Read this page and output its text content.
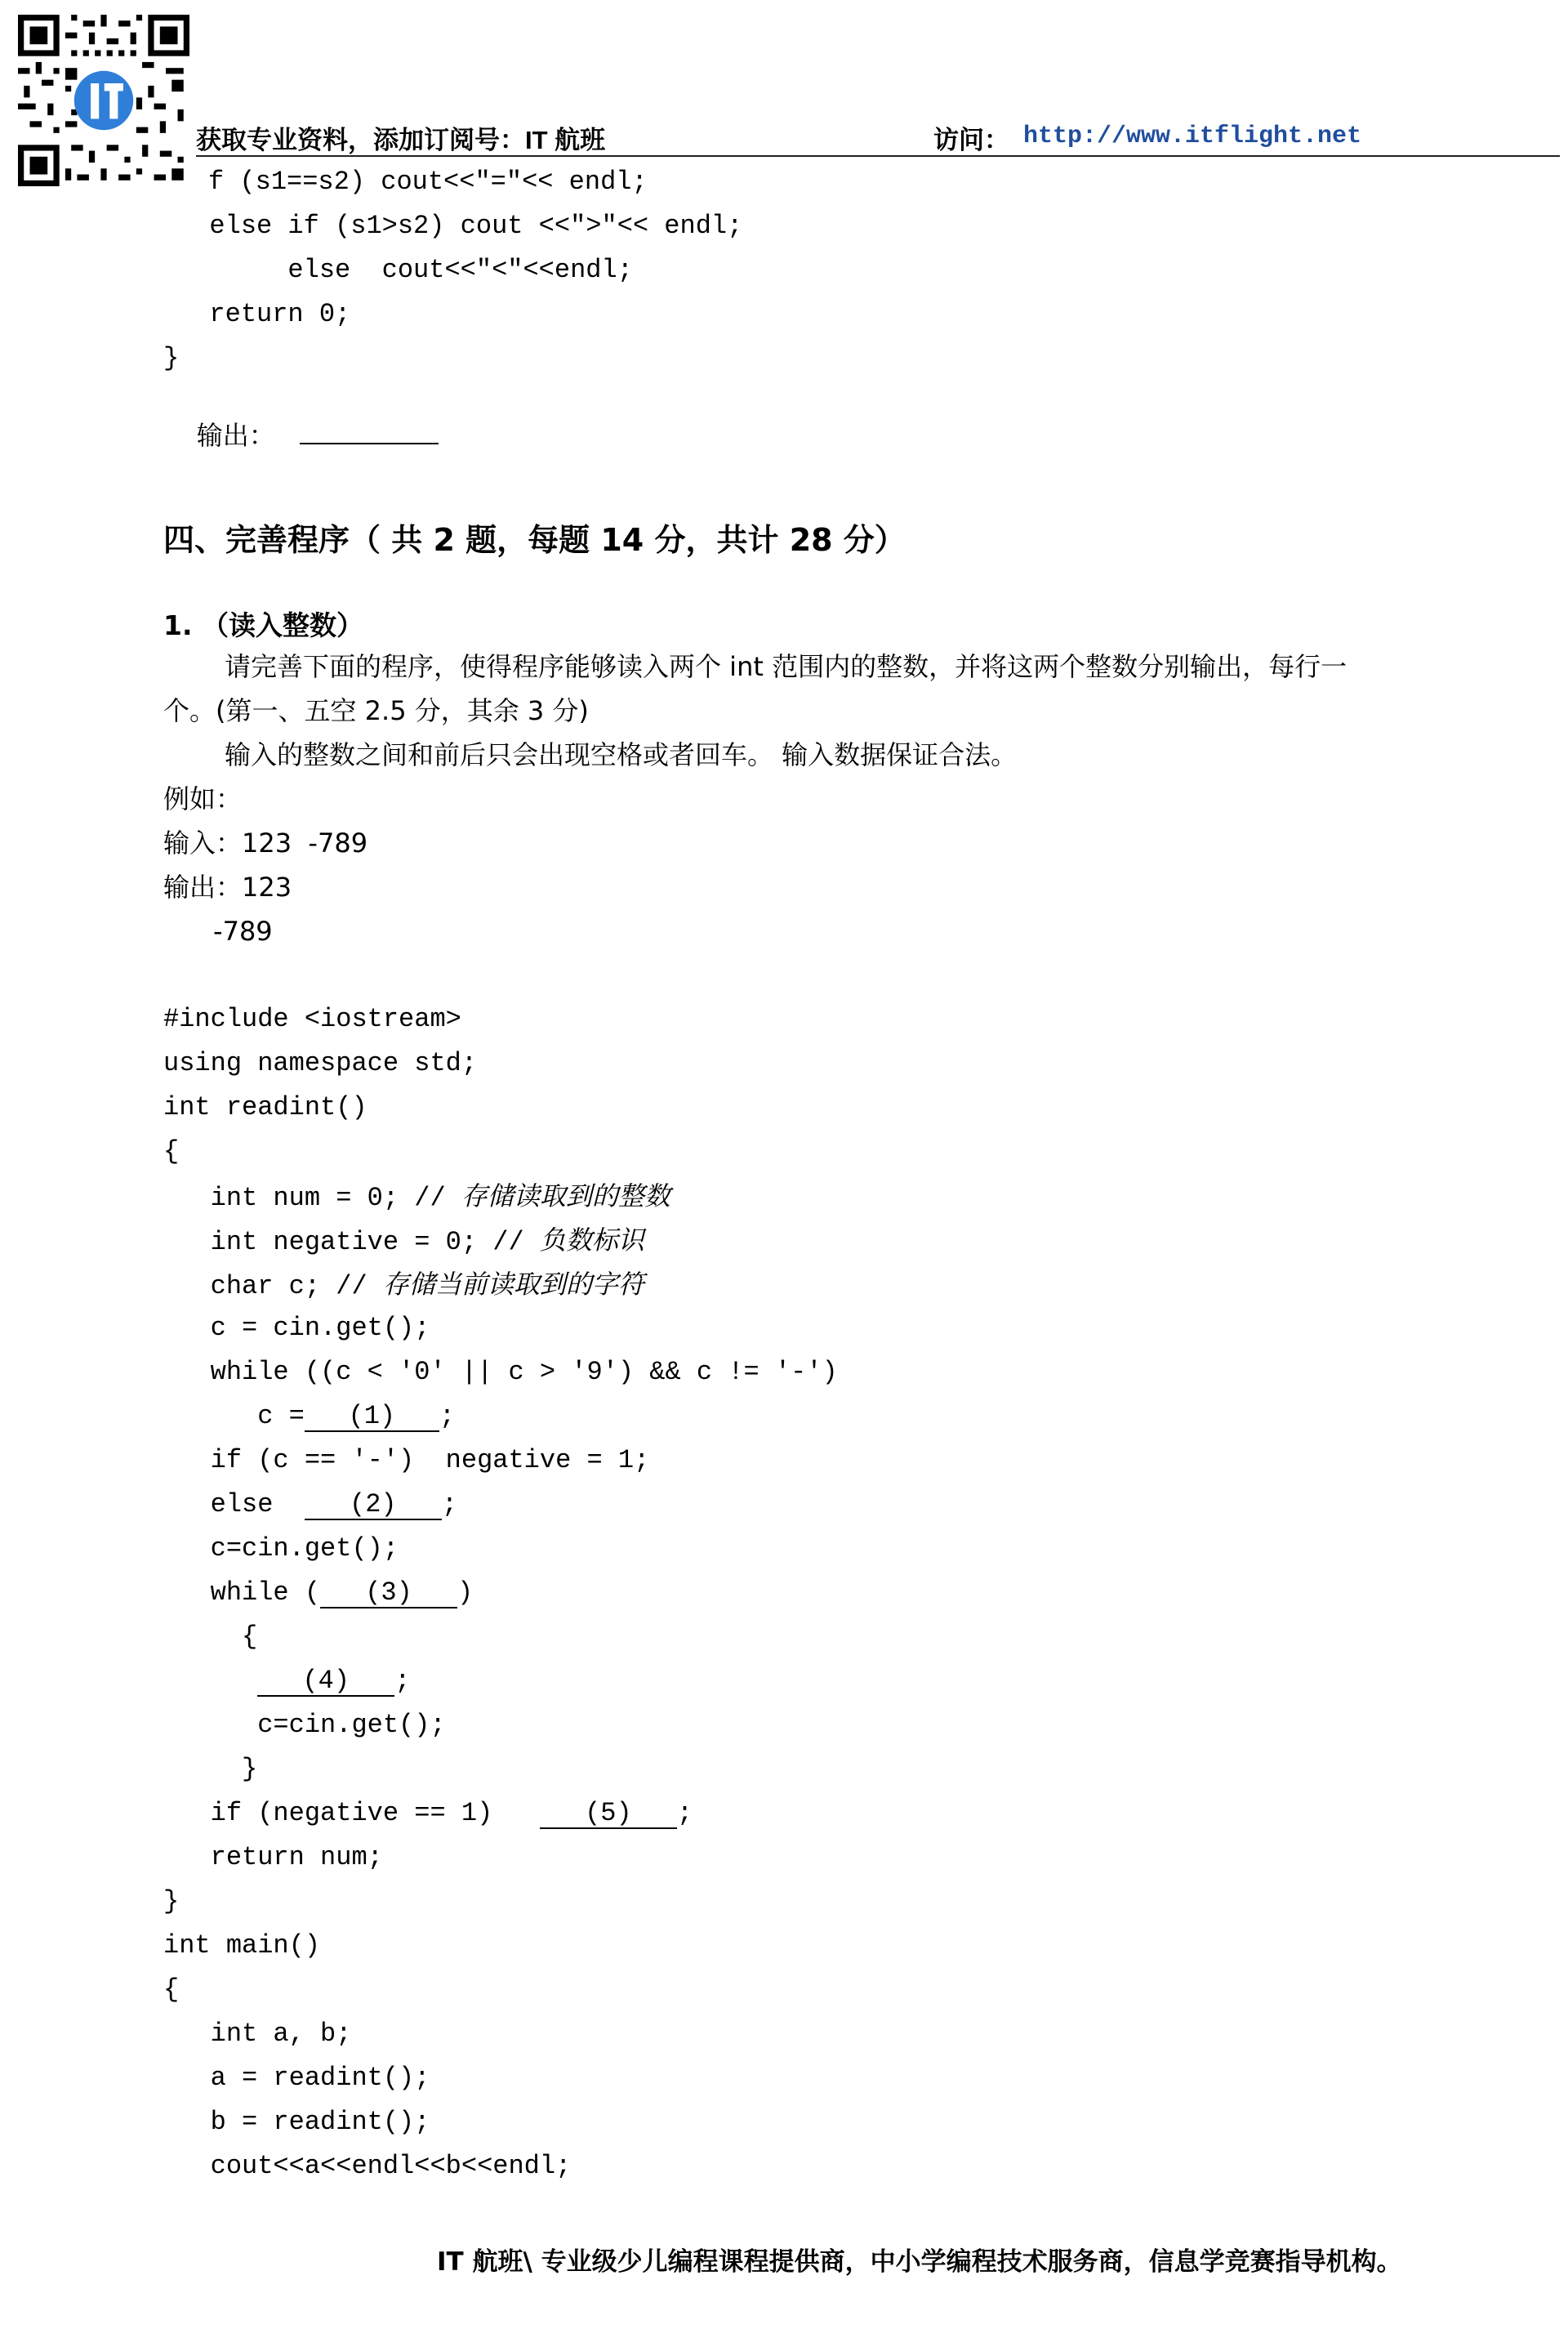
获取专业资料，添加订阅号：IT 航班	访问： http://www.itflight.net
f (s1==s2) cout<<"="<< endl;
else if (s1>s2) cout <<">"<< endl;
else  cout<<"<"<<endl;
return 0;
}

输出：

四、完善程序（ 共 2 题，每题 14 分，共计 28 分）
1. （读入整数）
请完善下面的程序，使得程序能够读入两个 int 范围内的整数，并将这两个整数分别输出，每行一
个。(第一、五空 2.5 分，其余 3 分)
输入的整数之间和前后只会出现空格或者回车。 输入数据保证合法。
例如：
输入：123  -789
输出：123
-789
#include <iostream>
using namespace std;
int readint()
{
int num = 0; // 存储读取到的整数
int negative = 0; // 负数标识
char c; // 存储当前读取到的字符
c = cin.get();
while ((c < '0' || c > '9') && c != '-')
c = (1) ;
if (c == '-')  negative = 1;
else  (2) ;
c=cin.get();
while ( (3) )
{
(4) ;
c=cin.get();
}
if (negative == 1)   (5) ;
return num;
}
int main()
{
int a, b;
a = readint();
b = readint();
cout<<a<<endl<<b<<endl;
IT 航班\ 专业级少儿编程课程提供商，中小学编程技术服务商，信息学竞赛指导机构。
